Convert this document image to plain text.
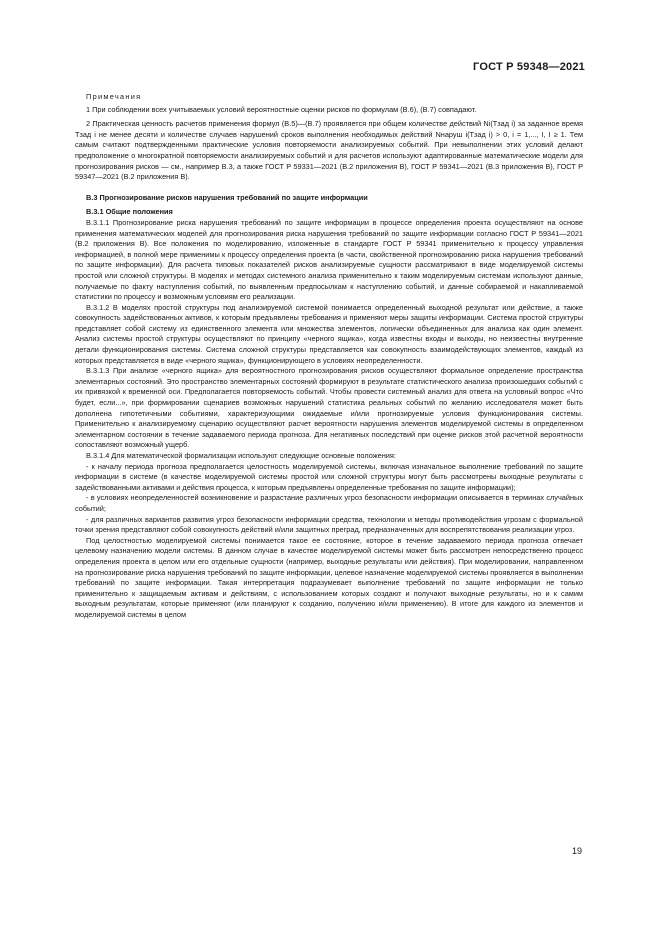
ГОСТ Р 59348—2021

Примечания

1 При соблюдении всех учитываемых условий вероятностные оценки рисков по формулам (В.6), (В.7) совпадают.

2 Практическая ценность расчетов применения формул (В.5)—(В.7) проявляется при общем количестве действий Ni(Tзад i) за заданное время Tзад i не менее десяти и количестве случаев нарушений сроков выполнения необходимых действий Nнаруш i(Tзад i) > 0, i = 1,..., I, I ≥ 1. Тем самым считают подтвержденными практические условия повторяемости анализируемых событий. При невыполнении этих условий делают предположение о многократной повторяемости анализируемых событий и для расчетов используют адаптированные математические модели для прогнозирования рисков — см., например В.3, а также ГОСТ Р 59331—2021 (В.2 приложения В), ГОСТ Р 59341—2021 (В.3 приложения В), ГОСТ Р 59347—2021 (В.2 приложения В).

В.3 Прогнозирование рисков нарушения требований по защите информации

В.3.1 Общие положения

В.3.1.1 Прогнозирование риска нарушения требований по защите информации в процессе определения проекта осуществляют на основе применения математических моделей для прогнозирования риска нарушения требований по защите информации согласно ГОСТ Р 59341—2021 (В.2 приложения В). Все положения по моделированию, изложенные в стандарте ГОСТ Р 59341 применительно к процессу управления информацией, в полной мере применимы к процессу определения проекта (в части, свойственной прогнозированию риска нарушения требований по защите информации). Для расчета типовых показателей рисков анализируемые сущности рассматривают в виде моделируемой системы простой или сложной структуры. В моделях и методах системного анализа применительно к таким моделируемым системам используют данные, получаемые по факту наступления событий, по выявленным предпосылкам к наступлению событий, и данные собираемой и накапливаемой статистики по процессу и возможным условиям его реализации.

В.3.1.2 В моделях простой структуры под анализируемой системой понимается определенный выходной результат или действие, а также совокупность задействованных активов, к которым предъявлены требования и применяют меры защиты информации. Система простой структуры представляет собой систему из единственного элемента или множества элементов, логически объединенных для анализа как один элемент. Анализ системы простой структуры осуществляют по принципу «черного ящика», когда известны входы и выходы, но неизвестны внутренние детали функционирования системы. Система сложной структуры представляется как совокупность взаимодействующих элементов, каждый из которых представляется в виде «черного ящика», функционирующего в условиях неопределенности.

В.3.1.3 При анализе «черного ящика» для вероятностного прогнозирования рисков осуществляют формальное определение пространства элементарных состояний. Это пространство элементарных состояний формируют в результате статистического анализа произошедших событий с их привязкой к временной оси. Предполагается повторяемость событий. Чтобы провести системный анализ для ответа на условный вопрос «Что будет, если...», при формировании сценариев возможных нарушений статистика реальных событий по желанию исследователя может быть дополнена гипотетичными событиями, характеризующими ожидаемые и/или прогнозируемые условия функционирования системы. Применительно к анализируемому сценарию осуществляют расчет вероятности нарушения элементов моделируемой системы в определенном элементарном состоянии в течение задаваемого периода прогноза. Для негативных последствий при оценке рисков этой расчетной вероятности сопоставляют возможный ущерб.

В.3.1.4 Для математической формализации используют следующие основные положения:

- к началу периода прогноза предполагается целостность моделируемой системы, включая изначальное выполнение требований по защите информации в системе (в качестве моделируемой системы простой или сложной структуры могут быть рассмотрены выходные результаты с задействованными активами и действия процесса, к которым предъявлены определенные требования по защите информации);

- в условиях неопределенностей возникновение и разрастание различных угроз безопасности информации описывается в терминах случайных событий;

- для различных вариантов развития угроз безопасности информации средства, технологии и методы противодействия угрозам с формальной точки зрения представляют собой совокупность действий и/или защитных преград, предназначенных для воспрепятствования реализации угроз.

Под целостностью моделируемой системы понимается такое ее состояние, которое в течение задаваемого периода прогноза отвечает целевому назначению модели системы. В данном случае в качестве моделируемой системы может быть рассмотрен непосредственно процесс определения проекта в целом или его отдельные сущности (например, выходные результаты или действия). При моделировании, направленном на прогнозирование риска нарушения требований по защите информации, целевое назначение моделируемой системы проявляется в выполнении требований по защите информации. Такая интерпретация подразумевает выполнение требований по защите информации не только применительно к защищаемым активам и действиям, с использованием которых создают и получают выходные результаты, но и к самим выходным результатам, которые применяют (или планируют к созданию, получению и/или применению). В итоге для каждого из элементов и моделируемой системы в целом

19
